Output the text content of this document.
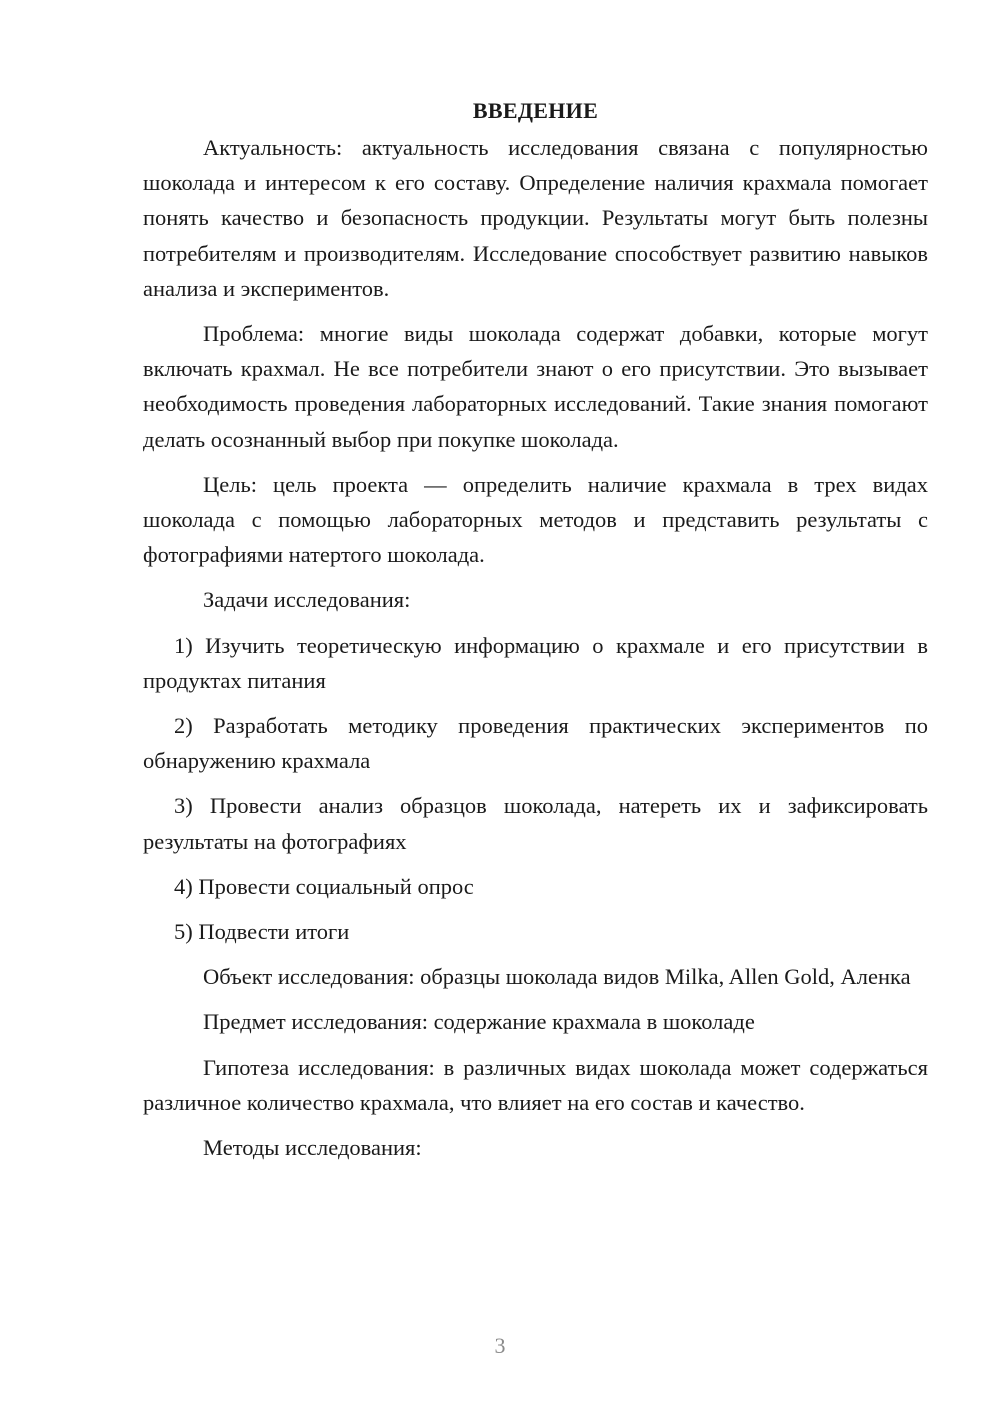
ВВЕДЕНИЕ

Актуальность: актуальность исследования связана с популярностью шоколада и интересом к его составу. Определение наличия крахмала помогает понять качество и безопасность продукции. Результаты могут быть полезны потребителям и производителям. Исследование способствует развитию навыков анализа и экспериментов.

Проблема: многие виды шоколада содержат добавки, которые могут включать крахмал. Не все потребители знают о его присутствии. Это вызывает необходимость проведения лабораторных исследований. Такие знания помогают делать осознанный выбор при покупке шоколада.

Цель: цель проекта — определить наличие крахмала в трех видах шоколада с помощью лабораторных методов и представить результаты с фотографиями натертого шоколада.

Задачи исследования:

1) Изучить теоретическую информацию о крахмале и его присутствии в продуктах питания

2) Разработать методику проведения практических экспериментов по обнаружению крахмала

3) Провести анализ образцов шоколада, натереть их и зафиксировать результаты на фотографиях

4) Провести социальный опрос

5) Подвести итоги

Объект исследования: образцы шоколада видов Milka, Allen Gold, Аленка

Предмет исследования: содержание крахмала в шоколаде

Гипотеза исследования: в различных видах шоколада может содержаться различное количество крахмала, что влияет на его состав и качество.

Методы исследования:

3
